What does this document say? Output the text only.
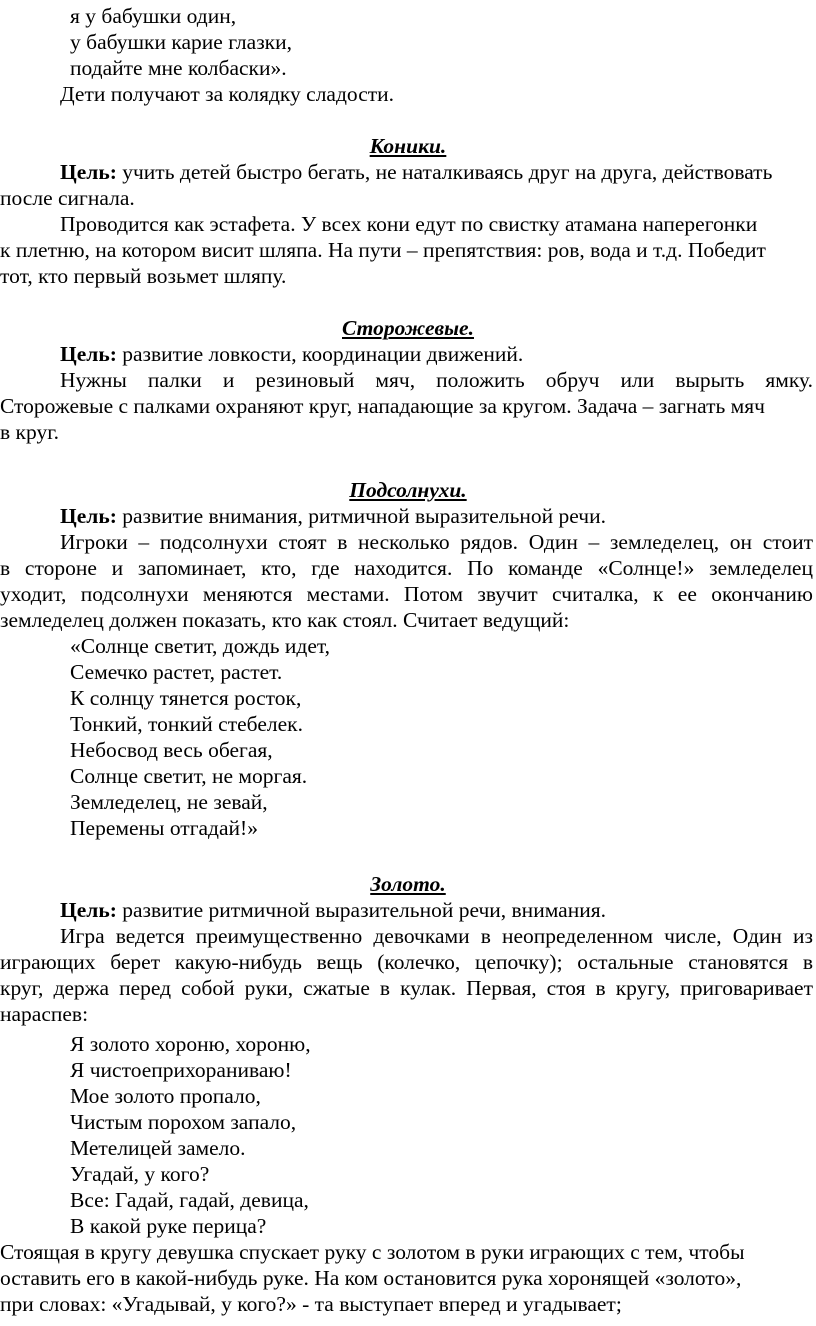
я у бабушки один,
у бабушки карие глазки,
подайте мне колбаски».
Дети получают за колядку сладости.
Коники.
Цель: учить детей быстро бегать, не наталкиваясь друг на друга, действовать
после сигнала.
Проводится как эстафета. У всех кони едут по свистку атамана наперегонки
к плетню, на котором висит шляпа. На пути – препятствия: ров, вода и т.д. Победит
тот, кто первый возьмет шляпу.
Сторожевые.
Цель: развитие ловкости, координации движений.
Нужны палки и резиновый мяч, положить обруч или вырыть ямку.
Сторожевые с палками охраняют круг, нападающие за кругом. Задача – загнать мяч
в круг.
Подсолнухи.
Цель: развитие внимания, ритмичной выразительной речи.
Игроки – подсолнухи стоят в несколько рядов. Один – земледелец, он стоит
в стороне и запоминает, кто, где находится. По команде «Солнце!» земледелец
уходит, подсолнухи меняются местами. Потом звучит считалка, к ее окончанию
земледелец должен показать, кто как стоял. Считает ведущий:
«Солнце светит, дождь идет,
Семечко растет, растет.
К солнцу тянется росток,
Тонкий, тонкий стебелек.
Небосвод весь обегая,
Солнце светит, не моргая.
Земледелец, не зевай,
Перемены отгадай!»
Золото.
Цель: развитие ритмичной выразительной речи, внимания.
Игра ведется преимущественно девочками в неопределенном числе, Один из
играющих берет какую-нибудь вещь (колечко, цепочку); остальные становятся в
круг, держа перед собой руки, сжатые в кулак. Первая, стоя в кругу, приговаривает
нараспев:
Я золото хороню, хороню,
Я чистоеприхораниваю!
Мое золото пропало,
Чистым порохом запало,
Метелицей замело.
Угадай, у кого?
Все: Гадай, гадай, девица,
В какой руке перица?
Стоящая в кругу девушка спускает руку с золотом в руки играющих с тем, чтобы
оставить его в какой-нибудь руке. На ком остановится рука хоронящей «золото»,
при словах: «Угадывай, у кого?» - та выступает вперед и угадывает;
